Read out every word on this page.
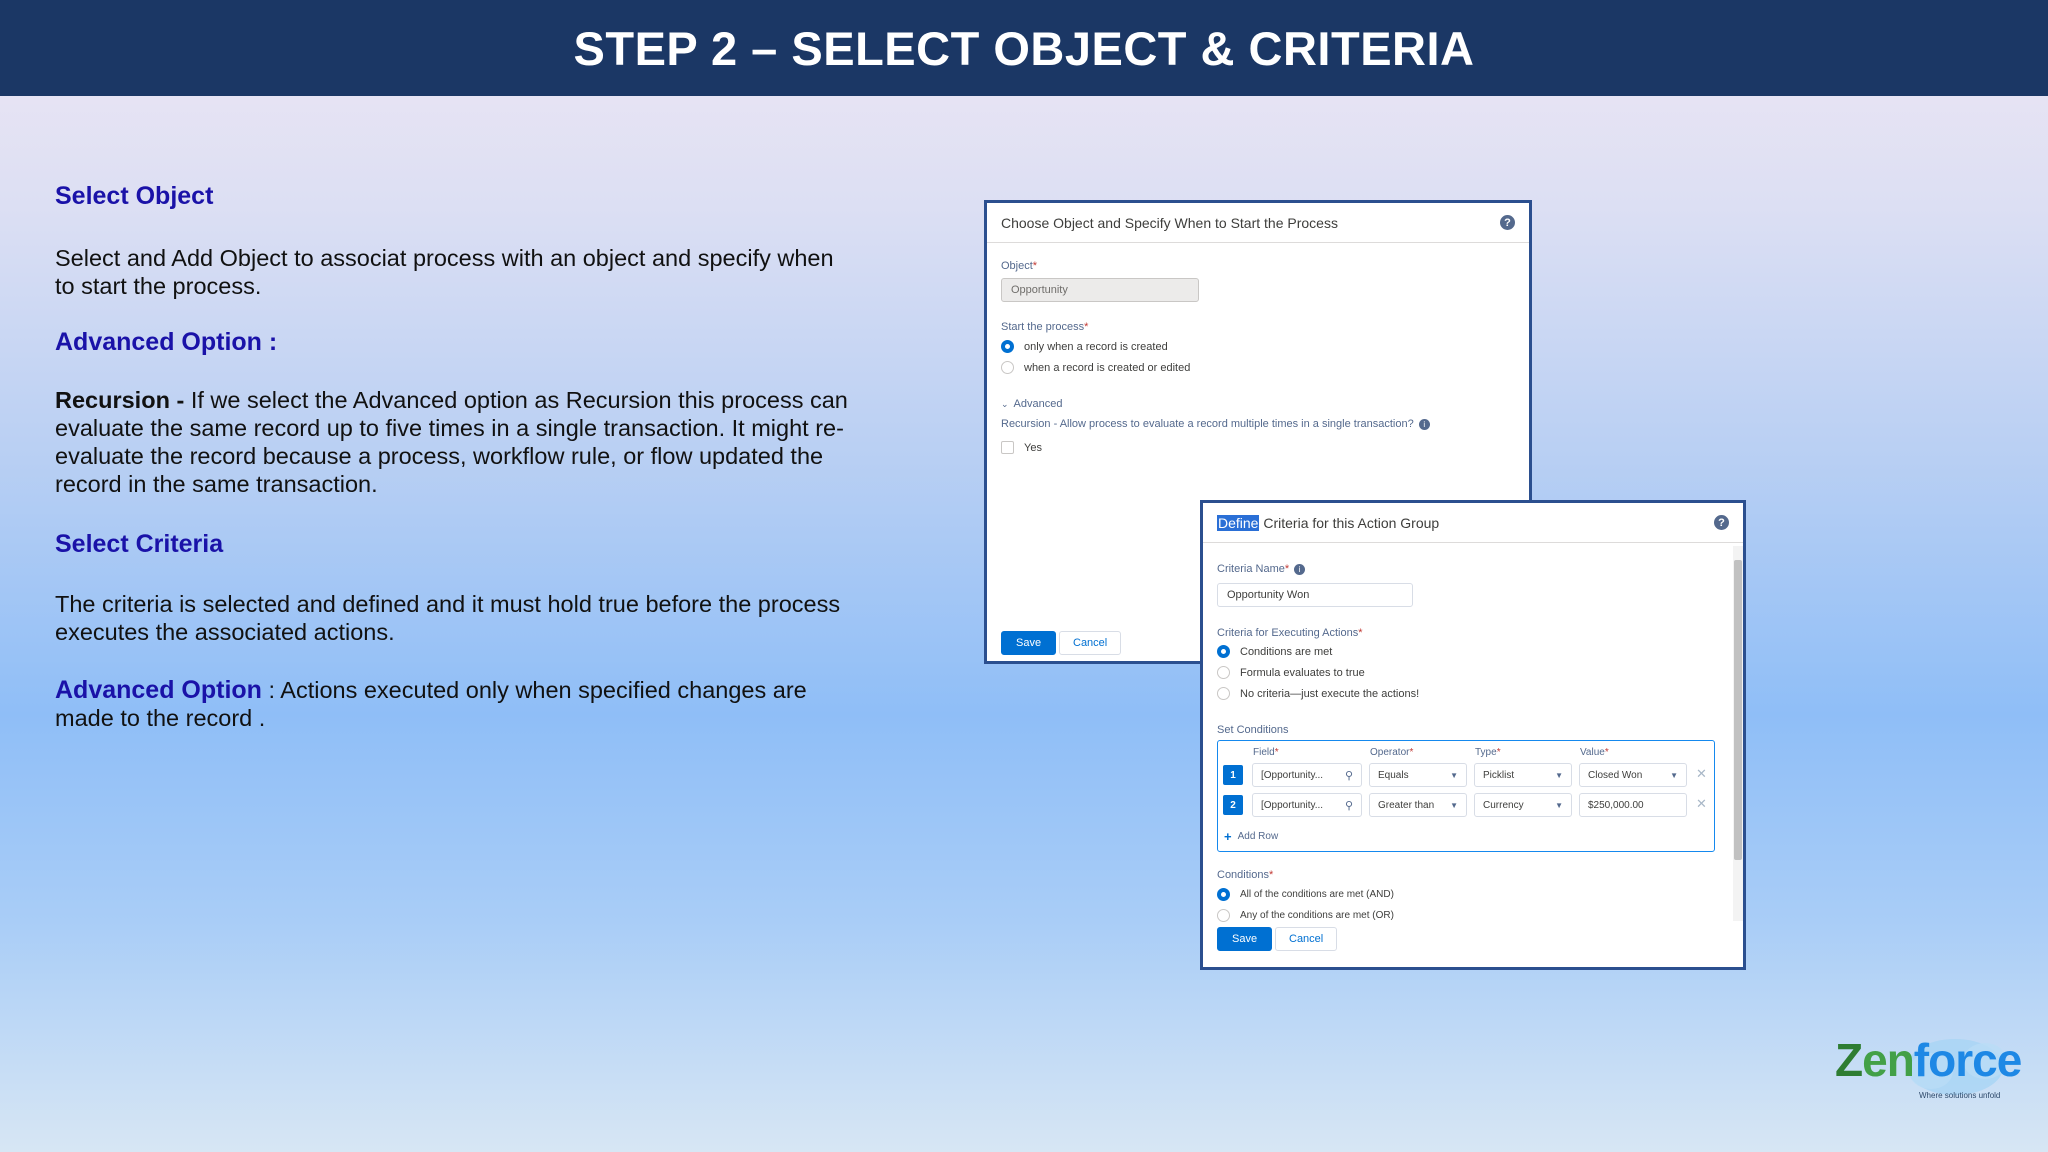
STEP 2 – SELECT OBJECT & CRITERIA
Select Object
Select and Add Object to associat process with an object and specify when to start the process.
Advanced Option :
Recursion - If we select the Advanced option as Recursion this process can evaluate the same record up to five times in a single transaction. It might re-evaluate the record because a process, workflow rule, or flow updated the record in the same transaction.
Select Criteria
The criteria is selected and defined and it must hold true before the process executes the associated actions.
Advanced Option : Actions executed only when specified changes are made to the record .
Choose Object and Specify When to Start the Process	?
Object*
Opportunity
Start the process*
only when a record is created
when a record is created or edited
⌄ Advanced
Recursion - Allow process to evaluate a record multiple times in a single transaction?	i
Yes
Save	Cancel
Define Criteria for this Action Group	?
Criteria Name* i
Opportunity Won
Criteria for Executing Actions*
Conditions are met
Formula evaluates to true
No criteria—just execute the actions!
Set Conditions
Field*	Operator*	Type*	Value*
1	[Opportunity... ⚲	Equals	▼	Picklist	▼	Closed Won	▼ ✕
2	[Opportunity... ⚲	Greater than ▼	Currency	▼	$250,000.00	✕
+ Add Row
Conditions*
All of the conditions are met (AND)
Any of the conditions are met (OR)
Save	Cancel
Zenforce
Where solutions unfold
